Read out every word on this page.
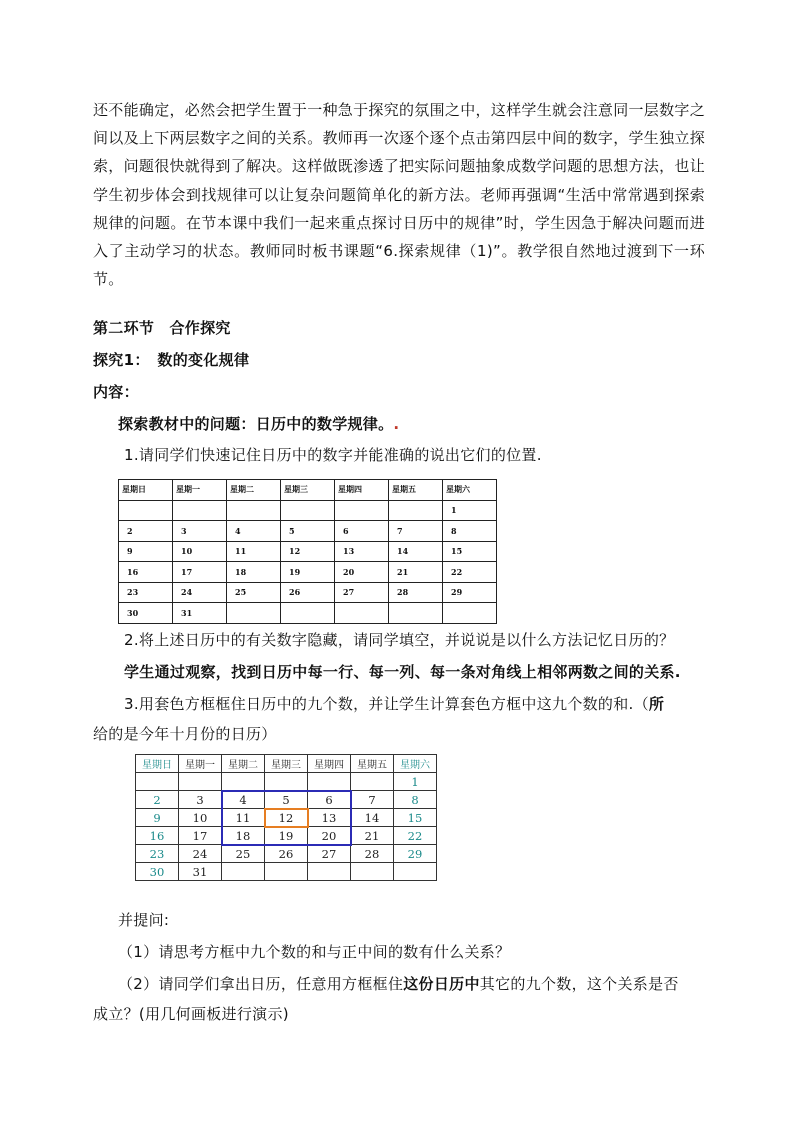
还不能确定，必然会把学生置于一种急于探究的氛围之中，这样学生就会注意同一层数字之间以及上下两层数字之间的关系。教师再一次逐个逐个点击第四层中间的数字，学生独立探索，问题很快就得到了解决。这样做既渗透了把实际问题抽象成数学问题的思想方法，也让学生初步体会到找规律可以让复杂问题简单化的新方法。老师再强调“生活中常常遇到探索规律的问题。在节本课中我们一起来重点探讨日历中的规律”时，学生因急于解决问题而进入了主动学习的状态。教师同时板书课题“6.探索规律（1)”。教学很自然地过渡到下一环节。
第二环节　合作探究
探究1：　数的变化规律
内容：
探索教材中的问题：日历中的数学规律。.
1.请同学们快速记住日历中的数字并能准确的说出它们的位置.
星期日	星期一	星期二	星期三	星期四	星期五	星期六
						1
2	3	4	5	6	7	8
9	10	11	12	13	14	15
16	17	18	19	20	21	22
23	24	25	26	27	28	29
30	31					
2.将上述日历中的有关数字隐藏，请同学填空，并说说是以什么方法记忆日历的？
学生通过观察，找到日历中每一行、每一列、每一条对角线上相邻两数之间的关系.
3.用套色方框框住日历中的九个数，并让学生计算套色方框中这九个数的和.（所
给的是今年十月份的日历）
星期日	星期一	星期二	星期三	星期四	星期五	星期六
						1
2	3	4	5	6	7	8
9	10	11	12	13	14	15
16	17	18	19	20	21	22
23	24	25	26	27	28	29
30	31					
并提问:
（1）请思考方框中九个数的和与正中间的数有什么关系？
（2）请同学们拿出日历，任意用方框框住这份日历中其它的九个数，这个关系是否
成立？(用几何画板进行演示)
